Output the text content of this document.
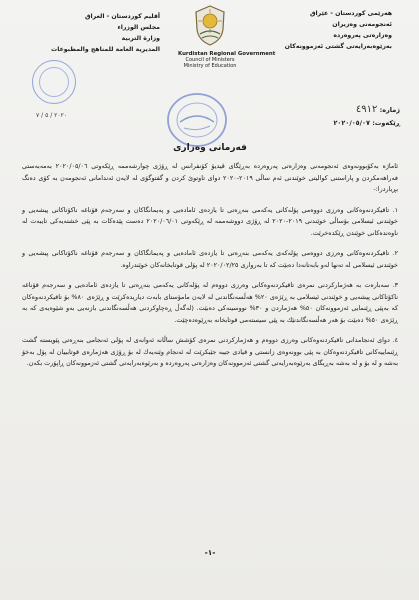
أقليم كوردستان - العراق
مجلس الوزراء
وزارة التربية
المديرية العامة للمناهج والمطبوعات
Kurdistan Regional Government
Council of Ministers
Ministry of Education
هەرێمی كوردستان - عێراق
ئەنجومەنی وەزیران
وەزارەتی پەروەردە
بەرێوەبەرایەتی گشتی ئەزموونەكان
٢٠٢٠ / ٥ / ٧
ژمارە: ٤٩١٢
ڕێكەوت: ٢٠٢٠/٠٥/٠٧
فەرمانی وەزاری

ئاماژە بەكۆبوونەوەی ئەنجومەنی وەزارەتی پەروەردە بەڕێگای ڤیدیۆ كۆنفرانس لە ڕۆژی چوارشەممە ڕێكەوتی ٢٠٢٠/٠٥/٠٦ بەمەبەستی فەراهەمكردن و پاراستنی كوالیتی خوێندنی ئەم ساڵی ٢٠١٩-٢٠٢٠ دوای تاوتوێ كردن و گفتوگۆی لە لایەن ئەندامانی ئەنجومەن بە كۆی دەنگ بڕیاردرا:-

١. تاقیكردنەوەكانی وەرزی دووەمی پۆلەكانی یەكەمی بنەڕەتی تا یازدەی ئامادەیی و پەیمانگاكان و سەرجەم قۆناغە ناكۆتاكانی پیشەیی و خوێندنی ئیسلامی بۆساڵی خوێندنی ٢٠١٩-٢٠٢٠ لە ڕۆژی دووشەممە لە ڕێكەوتی ٢٠٢٠/٠٦/٠١ دەست پێدەكات بە پێی خشتەیەكی تایبەت لە ناوەندەكانی خوێندن ڕێكدەخرێت.

٢. تاقیكردنەوەكانی وەرزی دووەمی پۆلەكەی یەكەمی بنەڕەتی تا یازدەی ئامادەیی و پەیمانگاكان و سەرجەم قۆناغە ناكۆتاكانی پیشەیی و خوێندنی ئیسلامی لە تەنها لەو بابەتانەدا دەبێت كە تا بەرواری ٢٠٢٠/٠٢/٢٥ لە پۆلی قوتابخانەكان خوێندراوە.

٣. سەبارەت بە هەژماركردنی نمرەی تاقیكردنەوەكانی وەرزی دووەم لە پۆلەكانی یەكەمی بنەڕەتی تا یازدەی ئامادەیی و سەرجەم قۆناغە ناكۆتاكانی پیشەیی و خوێندنی ئیسلامی بە ڕێژەی ٢٠% هەڵسەنگاندنی لە لایەن مامۆستای بابەت دیاریدەكرێت و ڕێژەی ٨٠% بۆ تاقیكردنەوەكان كە بەپێی ڕێنمایی ئەزموونەكان ٥٠% هەژماردن و ٣٠% نووسینەكی دەبێت. (لەگەڵ ڕەچاوكردنی هەڵسەنگاندنی بازنەیی بەو شێوەیەی كە بە ڕێژەی ٥٠% دەبێت بۆ هەر هەڵسەنگاندنێك بە پێی سیستەمی قوتابخانە بەڕێوەدەچێت.

٤. دوای ئەنجامدانی تاقیكردنەوەكانی وەرزی دووەم و هەژماركردنی نمرەی كۆشش ساڵانە ئەوانەی لە پۆلی ئەنجامی بنەڕەتی پێویستە گشت ڕێنماییەكانی تاقیكردنەوەكان بە پێی بوونەوەی زانستی و قیادی جیبە جێبكرێت لە ئەنجام وێنەیەك لە بۆ ڕۆژی هەژمارەی قوتابییان لە پۆل بەخۆ بەشە و لە بۆ و لە بەشە بەڕیگای بەرێوەبەرایەتی گشتی ئەزموونەكان وەزارەتی پەروەردە و بەرێوەبەرایەتی گشتی ئەزموونەكان ڕاپۆرت بكەن.

-١-
